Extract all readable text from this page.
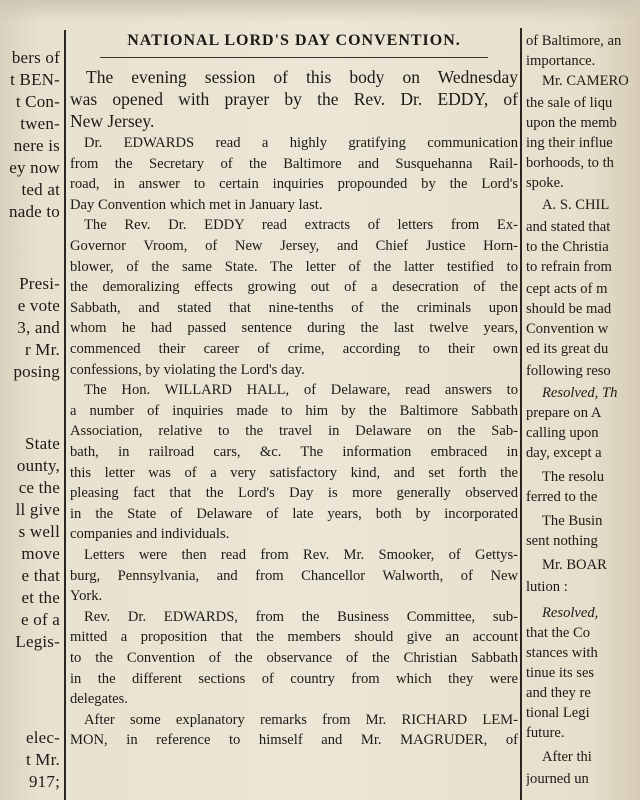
bers of
t BEN-
t Con-
twen-
nere is
ey now
ted at
nade to
Presi-
e vote
3, and
r Mr.
posing
State
ounty,
ce the
ll give
s well
move
e that
et the
e of a
Legis-
elec-
t Mr.
917;
NATIONAL LORD'S DAY CONVENTION.
The evening session of this body on Wednesday
was opened with prayer by the Rev. Dr. EDDY, of
New Jersey.
Dr. EDWARDS read a highly gratifying communication
from the Secretary of the Baltimore and Susquehanna Rail-
road, in answer to certain inquiries propounded by the Lord's
Day Convention which met in January last.
The Rev. Dr. EDDY read extracts of letters from Ex-
Governor Vroom, of New Jersey, and Chief Justice Horn-
blower, of the same State. The letter of the latter testified to
the demoralizing effects growing out of a desecration of the
Sabbath, and stated that nine-tenths of the criminals upon
whom he had passed sentence during the last twelve years,
commenced their career of crime, according to their own
confessions, by violating the Lord's day.
The Hon. WILLARD HALL, of Delaware, read answers to
a number of inquiries made to him by the Baltimore Sabbath
Association, relative to the travel in Delaware on the Sab-
bath, in railroad cars, &c. The information embraced in
this letter was of a very satisfactory kind, and set forth the
pleasing fact that the Lord's Day is more generally observed
in the State of Delaware of late years, both by incorporated
companies and individuals.
Letters were then read from Rev. Mr. Smooker, of Gettys-
burg, Pennsylvania, and from Chancellor Walworth, of New
York.
Rev. Dr. EDWARDS, from the Business Committee, sub-
mitted a proposition that the members should give an account
to the Convention of the observance of the Christian Sabbath
in the different sections of country from which they were
delegates.
After some explanatory remarks from Mr. RICHARD LEM-
MON, in reference to himself and Mr. MAGRUDER, of
of Baltimore, an
importance.
Mr. CAMERO
the sale of liqu
upon the memb
ing their influe
borhoods, to th
spoke.
A. S. CHIL
and stated that
to the Christia
to refrain from
cept acts of m
should be mad
Convention w
ed its great du
following reso
Resolved, Th
prepare on A
calling upon
day, except a
The resolu
ferred to the
The Busin
sent nothing
Mr. BOAR
lution :
Resolved,
that the Co
stances with
tinue its ses
and they re
tional Legi
future.
After thi
journed un
